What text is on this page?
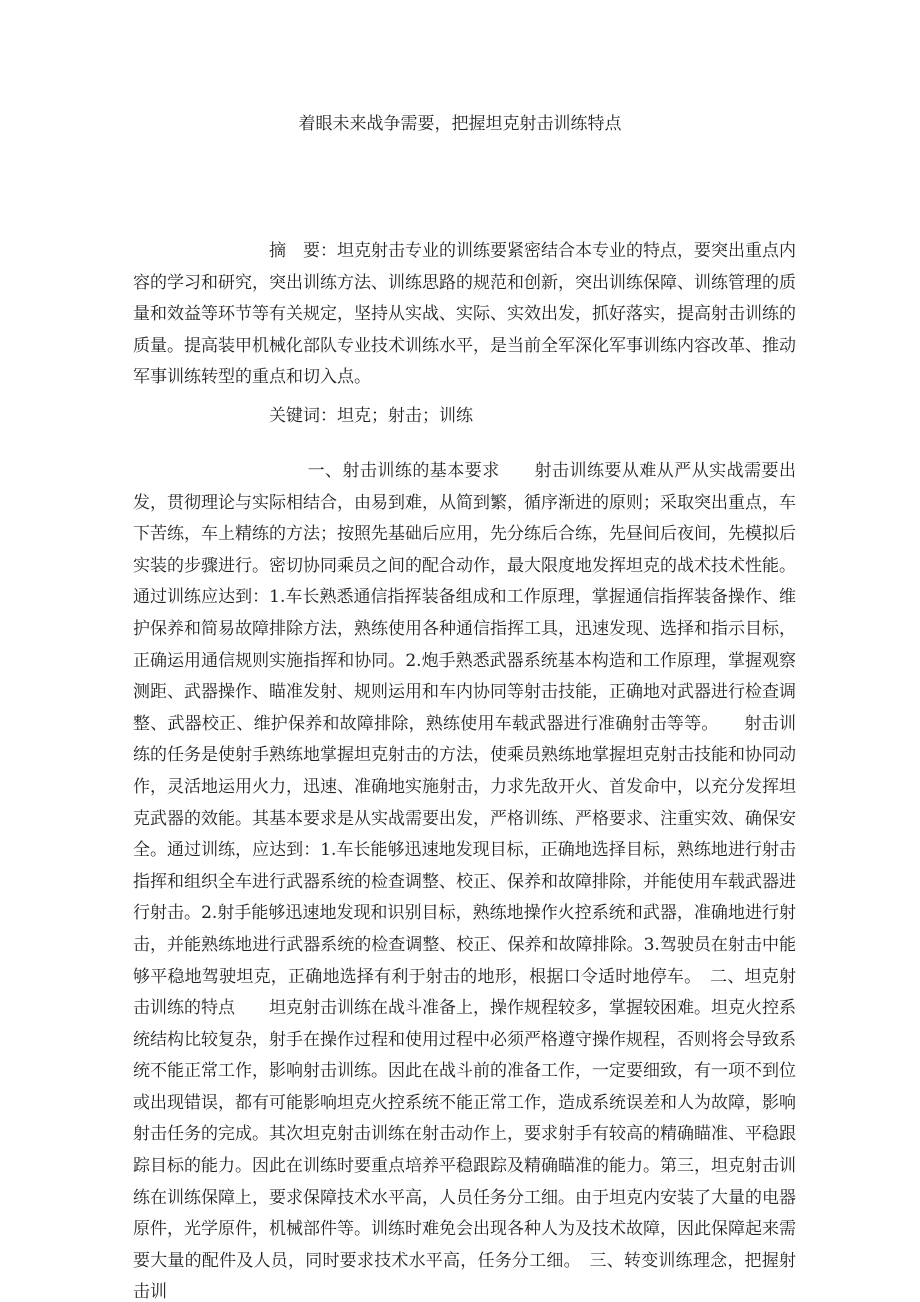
着眼未来战争需要，把握坦克射击训练特点
　　　　　　　　摘　要：坦克射击专业的训练要紧密结合本专业的特点，要突出重点内容的学习和研究，突出训练方法、训练思路的规范和创新，突出训练保障、训练管理的质量和效益等环节等有关规定，坚持从实战、实际、实效出发，抓好落实，提高射击训练的质量。提高装甲机械化部队专业技术训练水平，是当前全军深化军事训练内容改革、推动军事训练转型的重点和切入点。
　　　　　　　　关键词：坦克；射击；训练
　　　　　　　　　　一、射击训练的基本要求　　射击训练要从难从严从实战需要出发，贯彻理论与实际相结合，由易到难，从简到繁，循序渐进的原则；采取突出重点，车下苦练，车上精练的方法；按照先基础后应用，先分练后合练，先昼间后夜间，先模拟后实装的步骤进行。密切协同乘员之间的配合动作，最大限度地发挥坦克的战术技术性能。通过训练应达到：1.车长熟悉通信指挥装备组成和工作原理，掌握通信指挥装备操作、维护保养和简易故障排除方法，熟练使用各种通信指挥工具，迅速发现、选择和指示目标，正确运用通信规则实施指挥和协同。2.炮手熟悉武器系统基本构造和工作原理，掌握观察测距、武器操作、瞄准发射、规则运用和车内协同等射击技能，正确地对武器进行检查调整、武器校正、维护保养和故障排除，熟练使用车载武器进行准确射击等等。　　射击训练的任务是使射手熟练地掌握坦克射击的方法，使乘员熟练地掌握坦克射击技能和协同动作，灵活地运用火力，迅速、准确地实施射击，力求先敌开火、首发命中，以充分发挥坦克武器的效能。其基本要求是从实战需要出发，严格训练、严格要求、注重实效、确保安全。通过训练，应达到：1.车长能够迅速地发现目标，正确地选择目标，熟练地进行射击指挥和组织全车进行武器系统的检查调整、校正、保养和故障排除，并能使用车载武器进行射击。2.射手能够迅速地发现和识别目标，熟练地操作火控系统和武器，准确地进行射击，并能熟练地进行武器系统的检查调整、校正、保养和故障排除。3.驾驶员在射击中能够平稳地驾驶坦克，正确地选择有利于射击的地形，根据口令适时地停车。　二、坦克射击训练的特点　　坦克射击训练在战斗准备上，操作规程较多，掌握较困难。坦克火控系统结构比较复杂，射手在操作过程和使用过程中必须严格遵守操作规程，否则将会导致系统不能正常工作，影响射击训练。因此在战斗前的准备工作，一定要细致，有一项不到位或出现错误，都有可能影响坦克火控系统不能正常工作，造成系统误差和人为故障，影响射击任务的完成。其次坦克射击训练在射击动作上，要求射手有较高的精确瞄准、平稳跟踪目标的能力。因此在训练时要重点培养平稳跟踪及精确瞄准的能力。第三，坦克射击训练在训练保障上，要求保障技术水平高，人员任务分工细。由于坦克内安装了大量的电器原件，光学原件，机械部件等。训练时难免会出现各种人为及技术故障，因此保障起来需要大量的配件及人员，同时要求技术水平高，任务分工细。　三、转变训练理念，把握射击训
